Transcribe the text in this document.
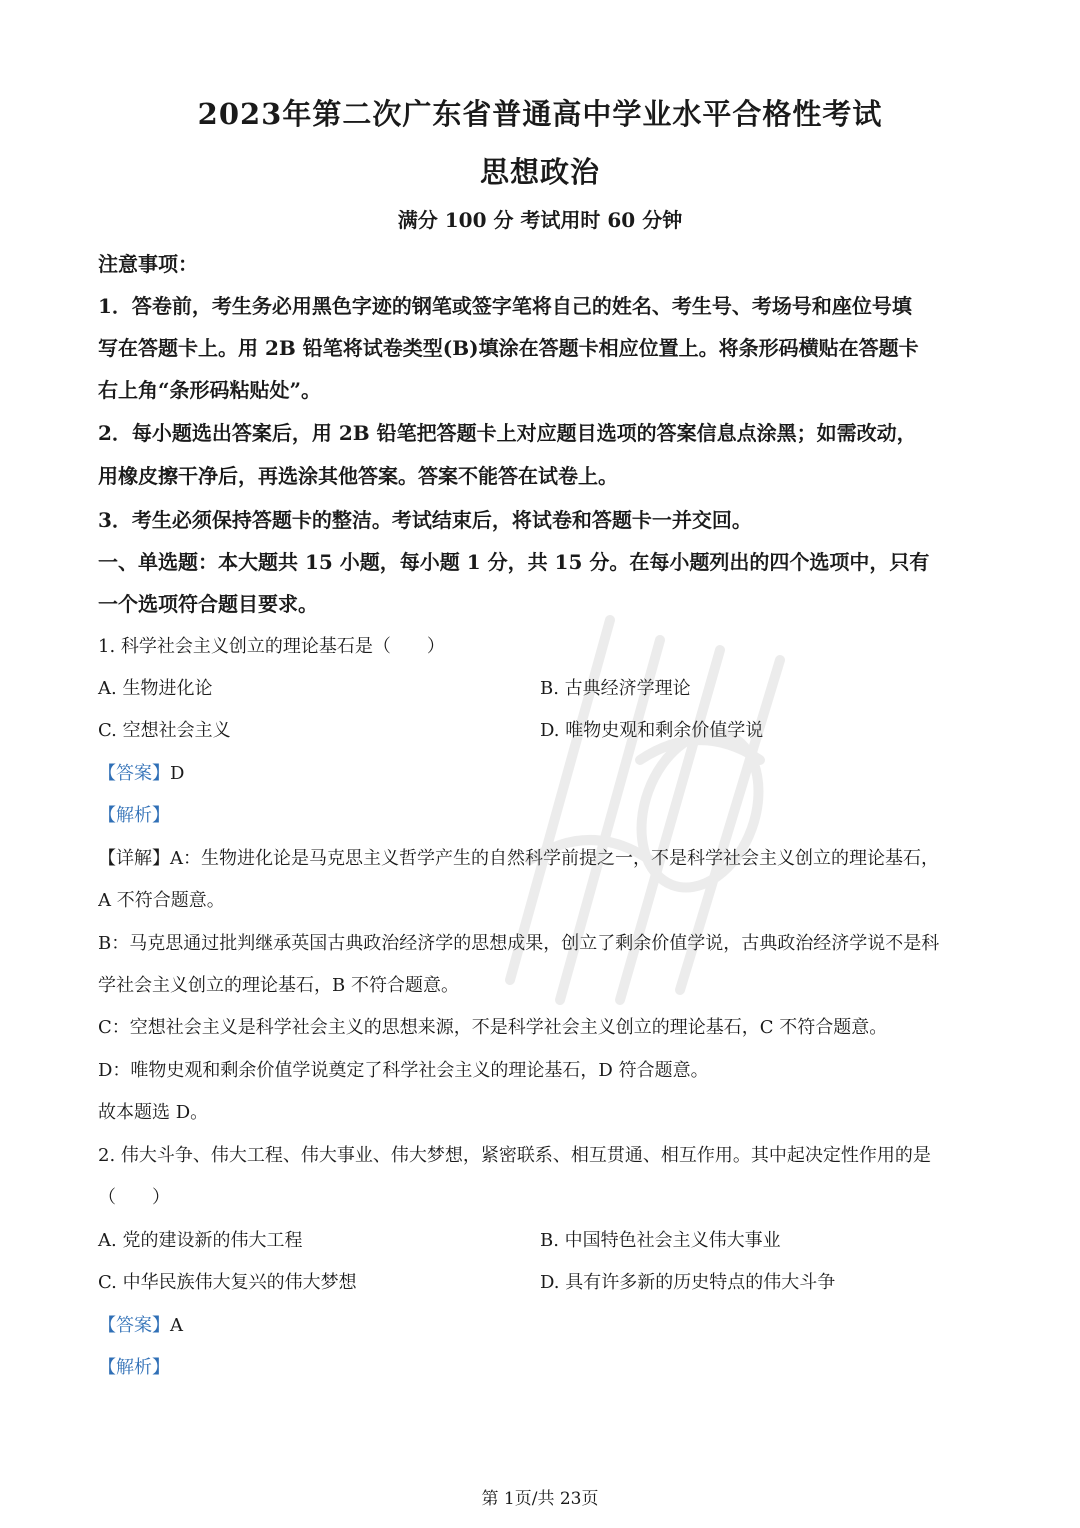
2023年第二次广东省普通高中学业水平合格性考试
思想政治
满分 100 分 考试用时 60 分钟
注意事项：
1．答卷前，考生务必用黑色字迹的钢笔或签字笔将自己的姓名、考生号、考场号和座位号填
写在答题卡上。用 2B 铅笔将试卷类型(B)填涂在答题卡相应位置上。将条形码横贴在答题卡
右上角“条形码粘贴处”。
2．每小题选出答案后，用 2B 铅笔把答题卡上对应题目选项的答案信息点涂黑；如需改动，
用橡皮擦干净后，再选涂其他答案。答案不能答在试卷上。
3．考生必须保持答题卡的整洁。考试结束后，将试卷和答题卡一并交回。
一、单选题：本大题共 15 小题，每小题 1 分，共 15 分。在每小题列出的四个选项中，只有
一个选项符合题目要求。
1. 科学社会主义创立的理论基石是（　　）
A. 生物进化论	B. 古典经济学理论
C. 空想社会主义	D. 唯物史观和剩余价值学说
【答案】D
【解析】
【详解】A：生物进化论是马克思主义哲学产生的自然科学前提之一，不是科学社会主义创立的理论基石，
A 不符合题意。
B：马克思通过批判继承英国古典政治经济学的思想成果，创立了剩余价值学说，古典政治经济学说不是科
学社会主义创立的理论基石，B 不符合题意。
C：空想社会主义是科学社会主义的思想来源，不是科学社会主义创立的理论基石，C 不符合题意。
D：唯物史观和剩余价值学说奠定了科学社会主义的理论基石，D 符合题意。
故本题选 D。
2. 伟大斗争、伟大工程、伟大事业、伟大梦想，紧密联系、相互贯通、相互作用。其中起决定性作用的是
（　　）
A. 党的建设新的伟大工程	B. 中国特色社会主义伟大事业
C. 中华民族伟大复兴的伟大梦想	D. 具有许多新的历史特点的伟大斗争
【答案】A
【解析】
第 1页/共 23页
